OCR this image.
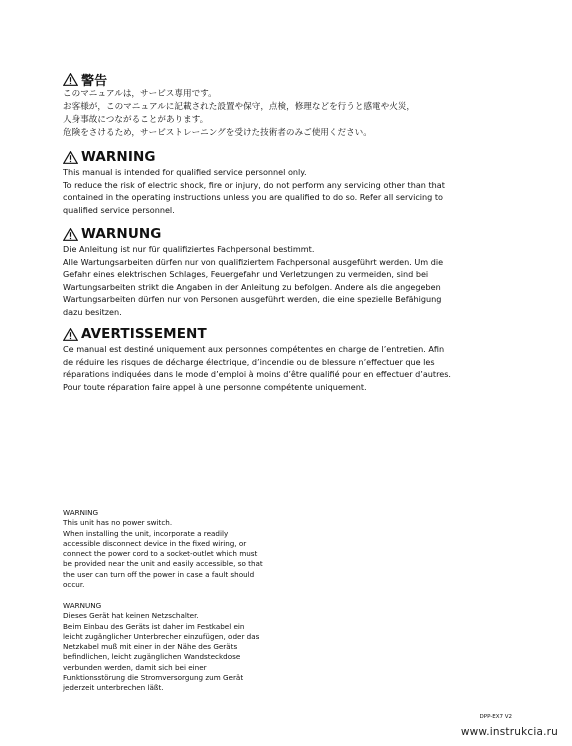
警告
このマニュアルは，サービス専用です。
お客様が，このマニュアルに記載された設置や保守，点検，修理などを行うと感電や火災，
人身事故につながることがあります。
危険をさけるため，サービストレーニングを受けた技術者のみご使用ください。
WARNING
This manual is intended for qualified service personnel only.
To reduce the risk of electric shock, fire or injury, do not perform any servicing other than that
contained in the operating instructions unless you are qualified to do so. Refer all servicing to
qualified service personnel.
WARNUNG
Die Anleitung ist nur für qualifiziertes Fachpersonal bestimmt.
Alle Wartungsarbeiten dürfen nur von qualifiziertem Fachpersonal ausgeführt werden. Um die
Gefahr eines elektrischen Schlages, Feuergefahr und Verletzungen zu vermeiden, sind bei
Wartungsarbeiten strikt die Angaben in der Anleitung zu befolgen. Andere als die angegeben
Wartungsarbeiten dürfen nur von Personen ausgeführt werden, die eine spezielle Befähigung
dazu besitzen.
AVERTISSEMENT
Ce manual est destiné uniquement aux personnes compétentes en charge de l’entretien. Afin
de réduire les risques de décharge électrique, d’incendie ou de blessure n’effectuer que les
réparations indiquées dans le mode d’emploi à moins d’être qualifié pour en effectuer d’autres.
Pour toute réparation faire appel à une personne compétente uniquement.
WARNING
This unit has no power switch.
When installing the unit, incorporate a readily
accessible disconnect device in the fixed wiring, or
connect the power cord to a socket-outlet which must
be provided near the unit and easily accessible, so that
the user can turn off the power in case a fault should
occur.
WARNUNG
Dieses Gerät hat keinen Netzschalter.
Beim Einbau des Geräts ist daher im Festkabel ein
leicht zugänglicher Unterbrecher einzufügen, oder das
Netzkabel muß mit einer in der Nähe des Geräts
befindlichen, leicht zugänglichen Wandsteckdose
verbunden werden, damit sich bei einer
Funktionsstörung die Stromversorgung zum Gerät
jederzeit unterbrechen läßt.
DPP-EX7 V2
www.instrukcia.ru
